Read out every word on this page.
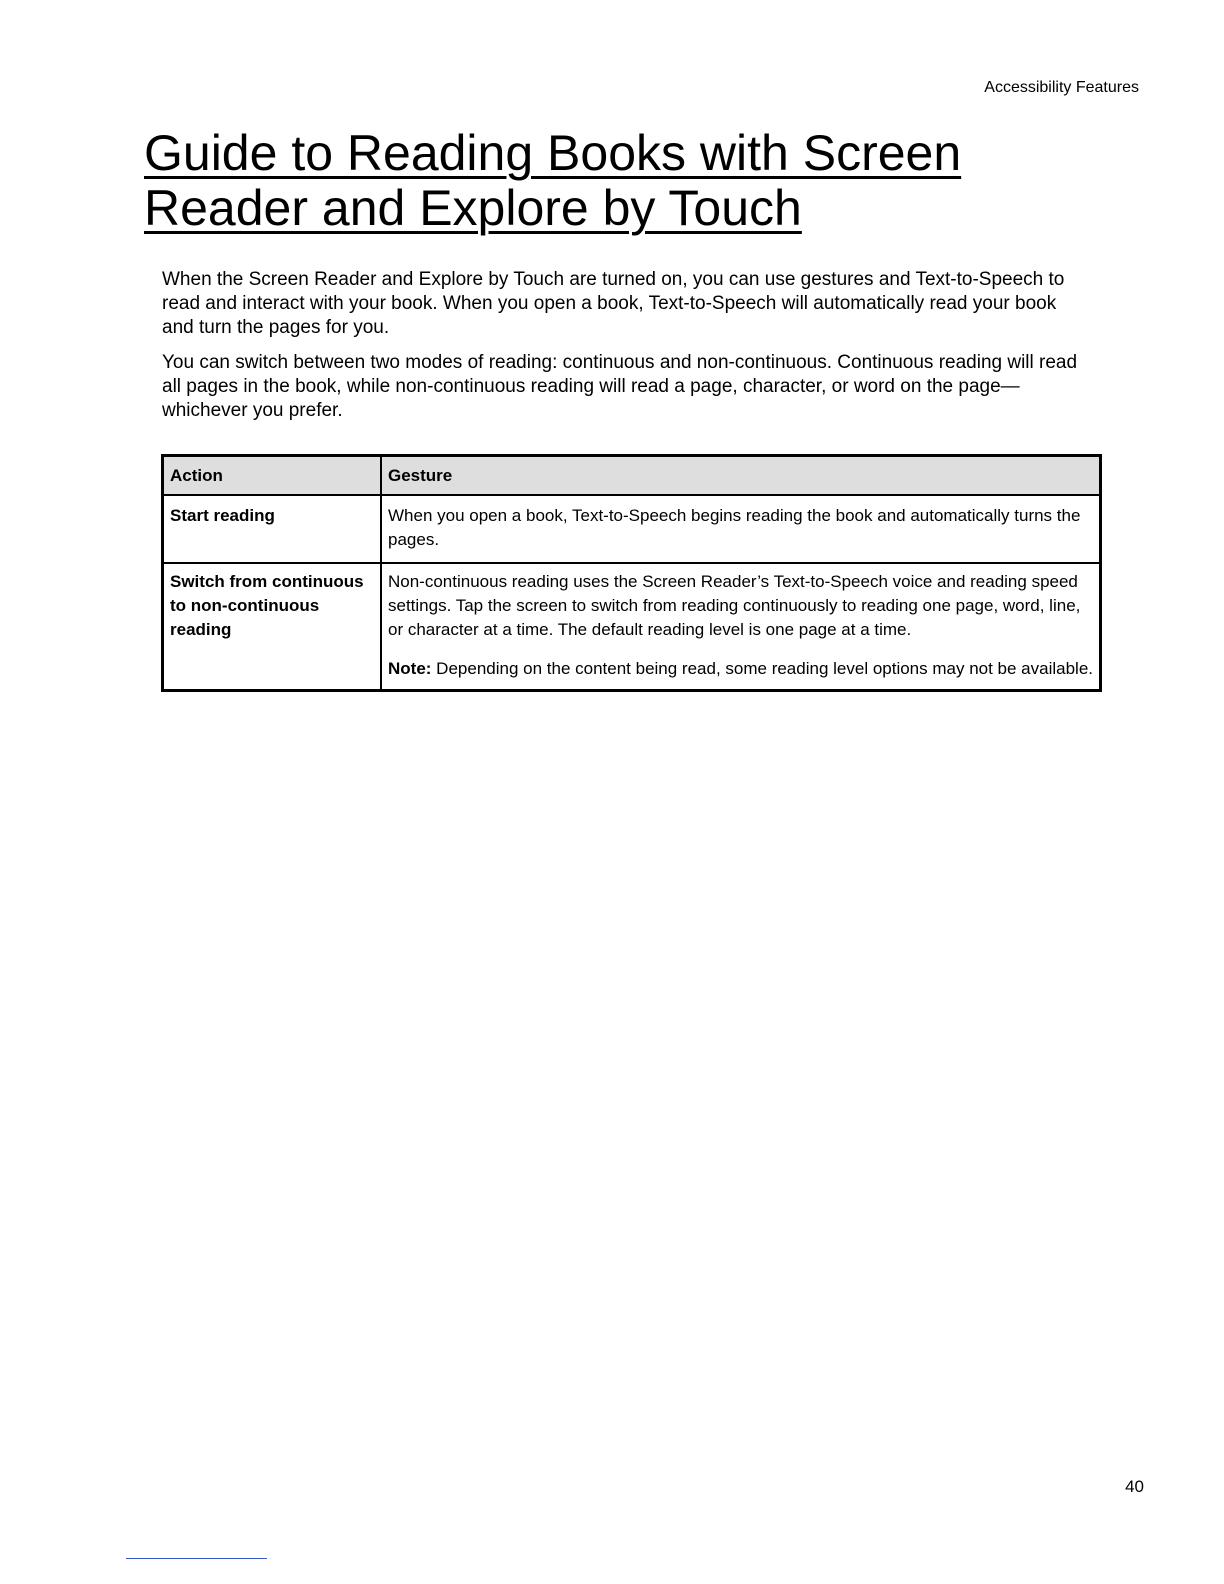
Accessibility Features
Guide to Reading Books with Screen Reader and Explore by Touch

When the Screen Reader and Explore by Touch are turned on, you can use gestures and Text-to-Speech to read and interact with your book. When you open a book, Text-to-Speech will automatically read your book and turn the pages for you.

You can switch between two modes of reading: continuous and non-continuous. Continuous reading will read all pages in the book, while non-continuous reading will read a page, character, or word on the page—whichever you prefer.

Action	Gesture
Start reading	When you open a book, Text-to-Speech begins reading the book and automatically turns the pages.

Switch from continuous to non-continuous reading	Non-continuous reading uses the Screen Reader’s Text-to-Speech voice and reading speed settings. Tap the screen to switch from reading continuously to reading one page, word, line, or character at a time. The default reading level is one page at a time.

Note: Depending on the content being read, some reading level options may not be available.

40
